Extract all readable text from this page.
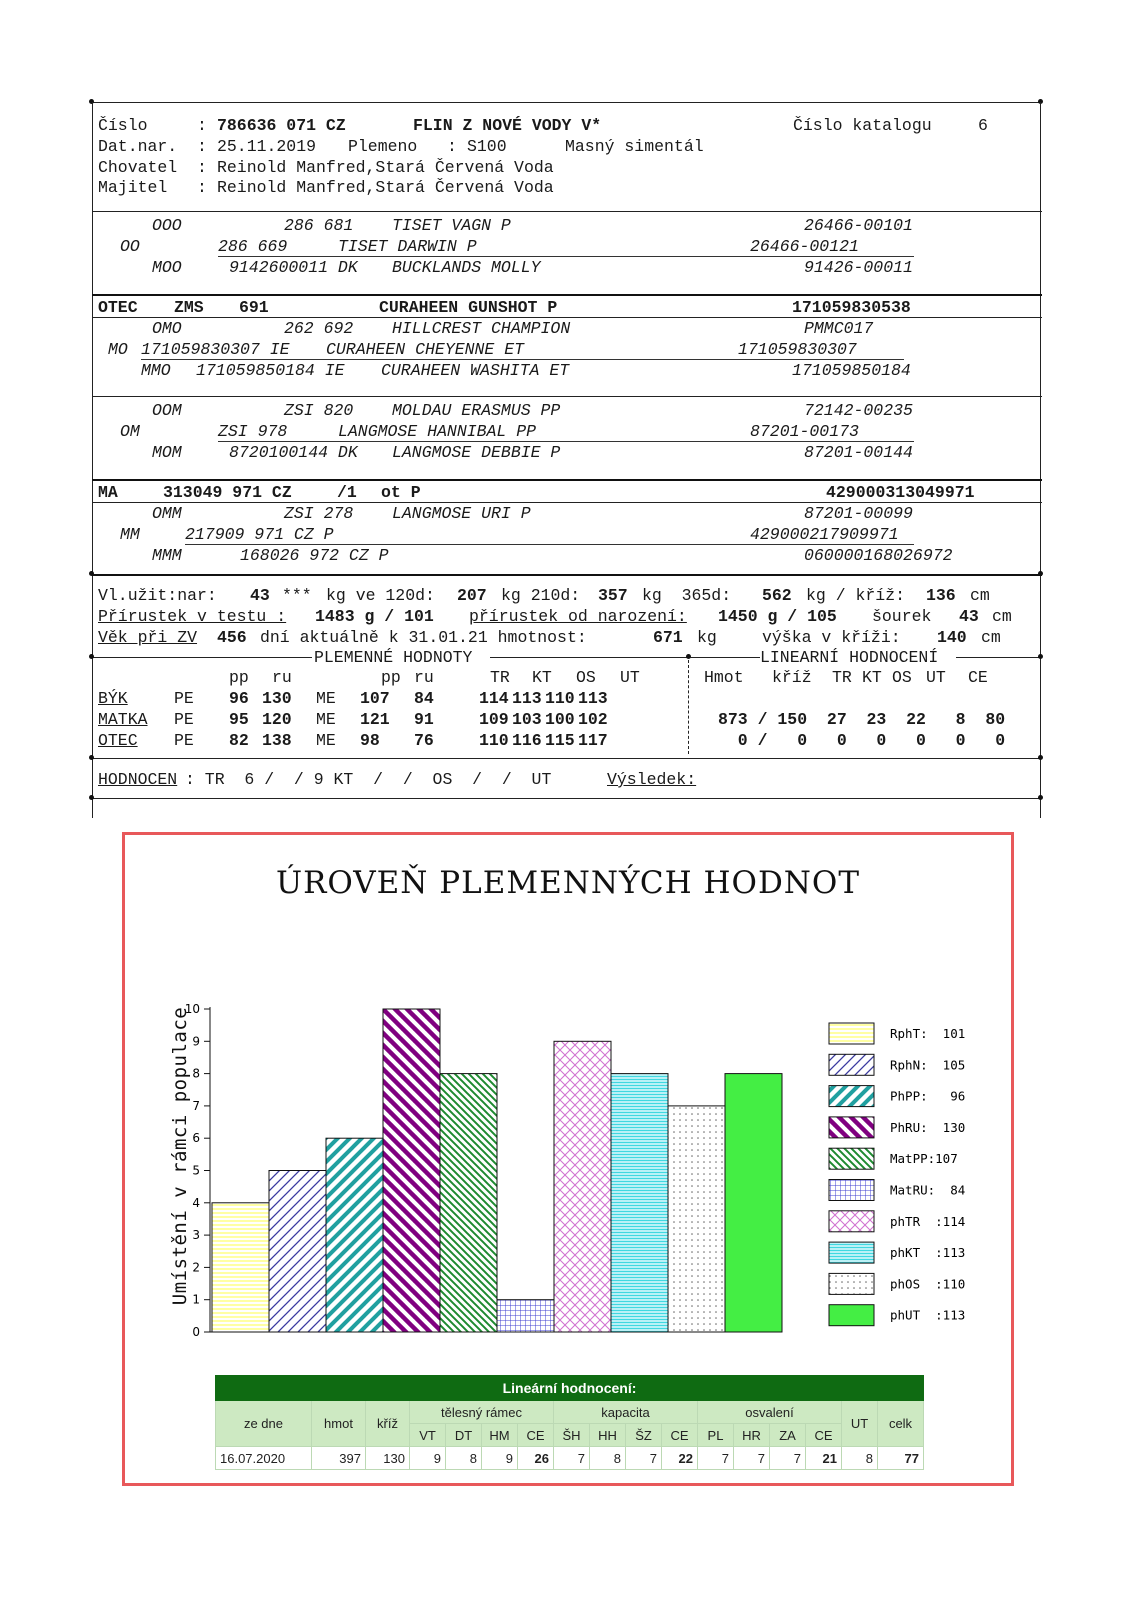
Číslo	: 786636 071 CZ	FLIN Z NOVÉ VODY V*	Číslo katalogu	6
Dat.nar. : 25.11.2019 Plemeno : S100	Masný simentál
Chovatel : Reinold Manfred,Stará Červená Voda
Majitel : Reinold Manfred,Stará Červená Voda
OOO	286 681 TISET VAGN P	26466-00101
OO	286 669	TISET DARWIN P	26466-00121
MOO	9142600011 DK BUCKLANDS MOLLY	91426-00011
OTEC ZMS 691	CURAHEEN GUNSHOT P	171059830538
OMO	262 692 HILLCREST CHAMPION	PMMC017
MO 171059830307 IE CURAHEEN CHEYENNE ET	171059830307
MMO 171059850184 IE CURAHEEN WASHITA ET	171059850184
OOM	ZSI 820 MOLDAU ERASMUS PP	72142-00235
OM	ZSI 978	LANGMOSE HANNIBAL PP	87201-00173
MOM	8720100144 DK LANGMOSE DEBBIE P	87201-00144
MA	313049 971 CZ	/1 ot P	429000313049971
OMM	ZSI 278 LANGMOSE URI P	87201-00099
MM	217909 971 CZ P	429000217909971
MMM	168026 972 CZ P	060000168026972
Vl.užit:nar: 43 *** kg ve 120d: 207 kg 210d: 357 kg  365d: 562 kg / kříž: 136 cm
Přírustek v testu : 1483 g / 101 přírustek od narození: 1450 g / 105 šourek 43 cm
Věk při ZV 456 dní aktuálně k 31.01.21 hmotnost:	671 kg	výška v kříži: 140 cm
PLEMENNÉ HODNOTY	LINEARNÍ HODNOCENÍ
HODNOCEN : TR  6 /  / 9 KT  /  /  OS  /  /  UT	Výsledek:
pp ru	pp ru	TR KT OS UT	Hmot kříž TR KT OS UT CE
BÝK	PE 96 130 ME 107 84	114 113 110 113
MATKA PE 95 120 ME 121 91	109 103 100 102	873 / 150  27  23  22   8  80
OTEC PE 82 138 ME 98 76	110 116 115 117	0 /   0   0   0   0   0   0
ÚROVEŇ PLEMENNÝCH HODNOT
Umístění v rámci populace
0
1
2
3
4
5
6
7
8
9
10
RphT:  101
RphN:  105
PhPP:   96
PhRU:  130
MatPP:107
MatRU:  84
phTR  :114
phKT  :113
phOS  :110
phUT  :113
Lineární hodnocení:																
ze dne	hmot	kříž	tělesný rámec				kapacita				osvalení				UT	celk
			VT	DT	HM	CE	ŠH	HH	ŠZ	CE	PL	HR	ZA	CE		
16.07.2020	397	130	9	8	9	26	7	8	7	22	7	7	7	21	8	77
